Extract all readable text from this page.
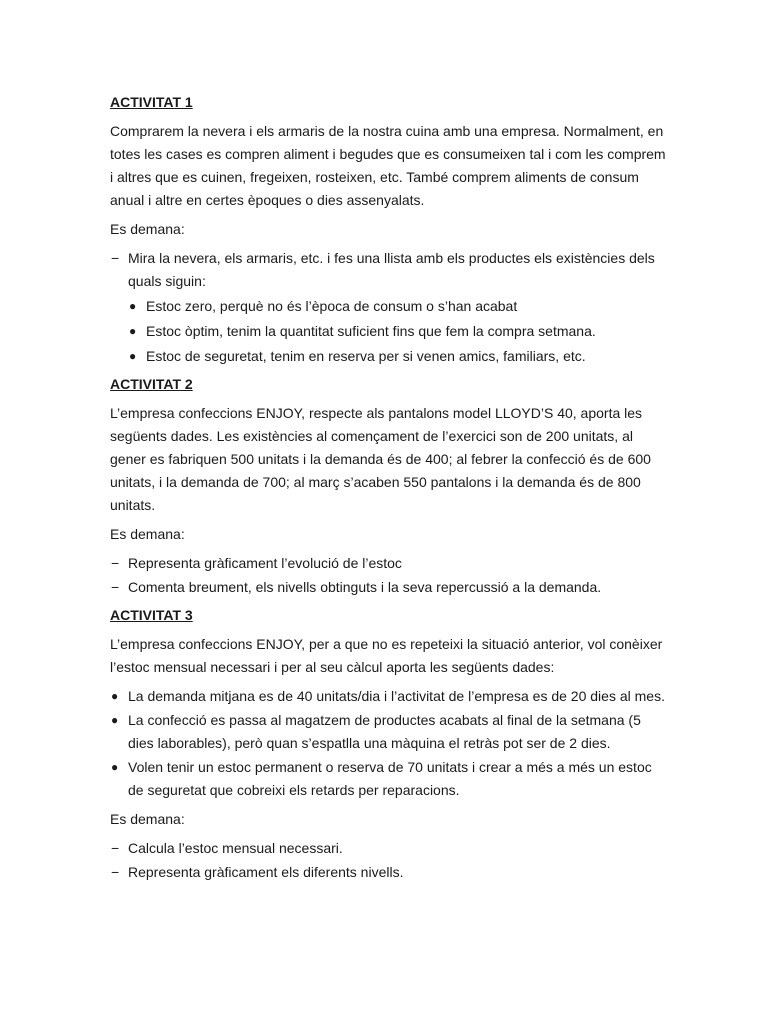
ACTIVITAT 1

Comprarem la nevera i els armaris de la nostra cuina amb una empresa. Normalment, en totes les cases es compren aliment i begudes que es consumeixen tal i com les comprem i altres que es cuinen, fregeixen, rosteixen, etc. També comprem aliments de consum anual i altre en certes èpoques o dies assenyalats.

Es demana:

− Mira la nevera, els armaris, etc. i fes una llista amb els productes els existències dels quals siguin:
● Estoc zero, perquè no és l’època de consum o s’han acabat
● Estoc òptim, tenim la quantitat suficient fins que fem la compra setmana.
● Estoc de seguretat, tenim en reserva per si venen amics, familiars, etc.
ACTIVITAT 2

L’empresa confeccions ENJOY, respecte als pantalons model LLOYD’S 40, aporta les següents dades. Les existències al començament de l’exercici son de 200 unitats, al gener es fabriquen 500 unitats i la demanda és de 400; al febrer la confecció és de 600 unitats, i la demanda de 700; al març s’acaben 550 pantalons i la demanda és de 800 unitats.

Es demana:

− Representa gràficament l’evolució de l’estoc
− Comenta breument, els nivells obtinguts i la seva repercussió a la demanda.
ACTIVITAT 3

L’empresa confeccions ENJOY, per a que no es repeteixi la situació anterior, vol conèixer l’estoc mensual necessari i per al seu càlcul aporta les següents dades:

● La demanda mitjana es de 40 unitats/dia i l’activitat de l’empresa es de 20 dies al mes.
● La confecció es passa al magatzem de productes acabats al final de la setmana (5 dies laborables), però quan s’espatlla una màquina el retràs pot ser de 2 dies.
● Volen tenir un estoc permanent o reserva de 70 unitats i crear a més a més un estoc de seguretat que cobreixi els retards per reparacions.

Es demana:

− Calcula l’estoc mensual necessari.
− Representa gràficament els diferents nivells.
